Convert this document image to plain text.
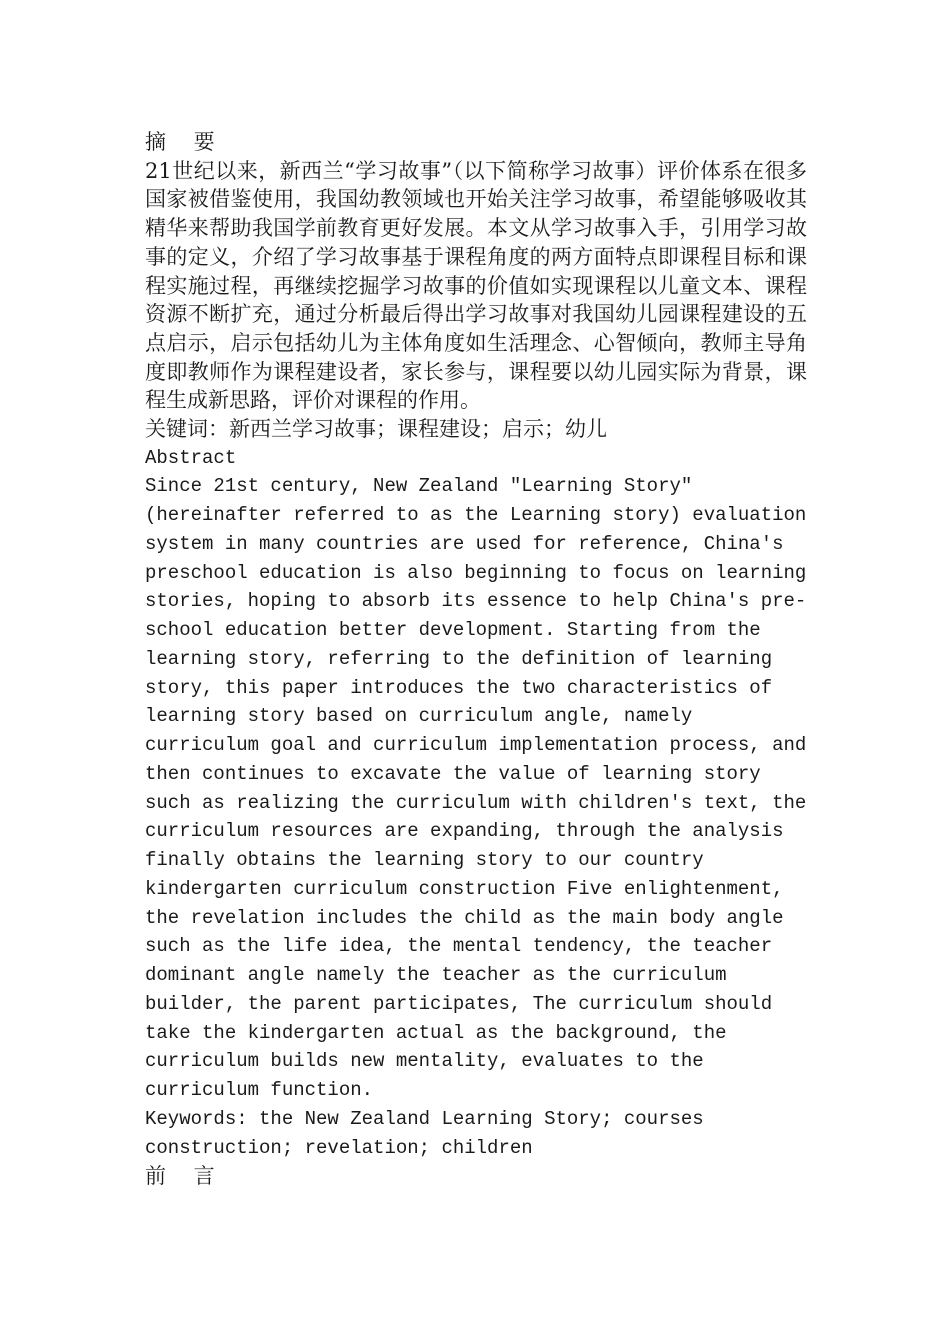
摘 要

21世纪以来，新西兰“学习故事”（以下简称学习故事）评价体系在很多国家被借鉴使用，我国幼教领域也开始关注学习故事，希望能够吸收其精华来帮助我国学前教育更好发展。本文从学习故事入手，引用学习故事的定义，介绍了学习故事基于课程角度的两方面特点即课程目标和课程实施过程，再继续挖掘学习故事的价值如实现课程以儿童文本、课程资源不断扩充，通过分析最后得出学习故事对我国幼儿园课程建设的五点启示，启示包括幼儿为主体角度如生活理念、心智倾向，教师主导角度即教师作为课程建设者，家长参与，课程要以幼儿园实际为背景，课程生成新思路，评价对课程的作用。

关键词：新西兰学习故事；课程建设；启示；幼儿

Abstract

Since 21st century, New Zealand "Learning Story" (hereinafter referred to as the Learning story) evaluation system in many countries are used for reference, China's preschool education is also beginning to focus on learning stories, hoping to absorb its essence to help China's pre-school education better development. Starting from the learning story, referring to the definition of learning story, this paper introduces the two characteristics of learning story based on curriculum angle, namely curriculum goal and curriculum implementation process, and then continues to excavate the value of learning story such as realizing the curriculum with children's text, the curriculum resources are expanding, through the analysis finally obtains the learning story to our country kindergarten curriculum construction Five enlightenment, the revelation includes the child as the main body angle such as the life idea, the mental tendency, the teacher dominant angle namely the teacher as the curriculum builder, the parent participates, The curriculum should take the kindergarten actual as the background, the curriculum builds new mentality, evaluates to the curriculum function.

Keywords: the New Zealand Learning Story; courses construction; revelation; children

前 言
